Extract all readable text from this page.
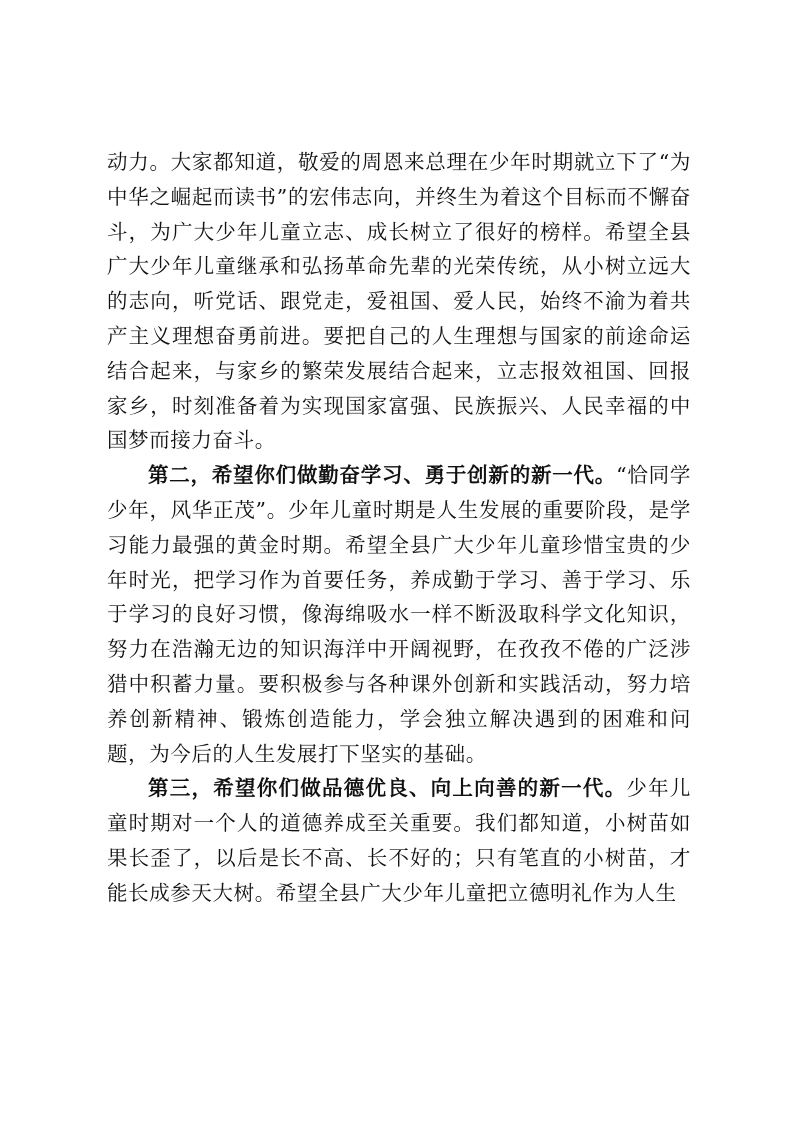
动力。大家都知道，敬爱的周恩来总理在少年时期就立下了“为中华之崛起而读书”的宏伟志向，并终生为着这个目标而不懈奋斗，为广大少年儿童立志、成长树立了很好的榜样。希望全县广大少年儿童继承和弘扬革命先辈的光荣传统，从小树立远大的志向，听党话、跟党走，爱祖国、爱人民，始终不渝为着共产主义理想奋勇前进。要把自己的人生理想与国家的前途命运结合起来，与家乡的繁荣发展结合起来，立志报效祖国、回报家乡，时刻准备着为实现国家富强、民族振兴、人民幸福的中国梦而接力奋斗。

第二，希望你们做勤奋学习、勇于创新的新一代。“恰同学少年，风华正茂”。少年儿童时期是人生发展的重要阶段，是学习能力最强的黄金时期。希望全县广大少年儿童珍惜宝贵的少年时光，把学习作为首要任务，养成勤于学习、善于学习、乐于学习的良好习惯，像海绵吸水一样不断汲取科学文化知识，努力在浩瀚无边的知识海洋中开阔视野，在孜孜不倦的广泛涉猎中积蓄力量。要积极参与各种课外创新和实践活动，努力培养创新精神、锻炼创造能力，学会独立解决遇到的困难和问题，为今后的人生发展打下坚实的基础。

第三，希望你们做品德优良、向上向善的新一代。少年儿童时期对一个人的道德养成至关重要。我们都知道，小树苗如果长歪了，以后是长不高、长不好的；只有笔直的小树苗，才能长成参天大树。希望全县广大少年儿童把立德明礼作为人生
